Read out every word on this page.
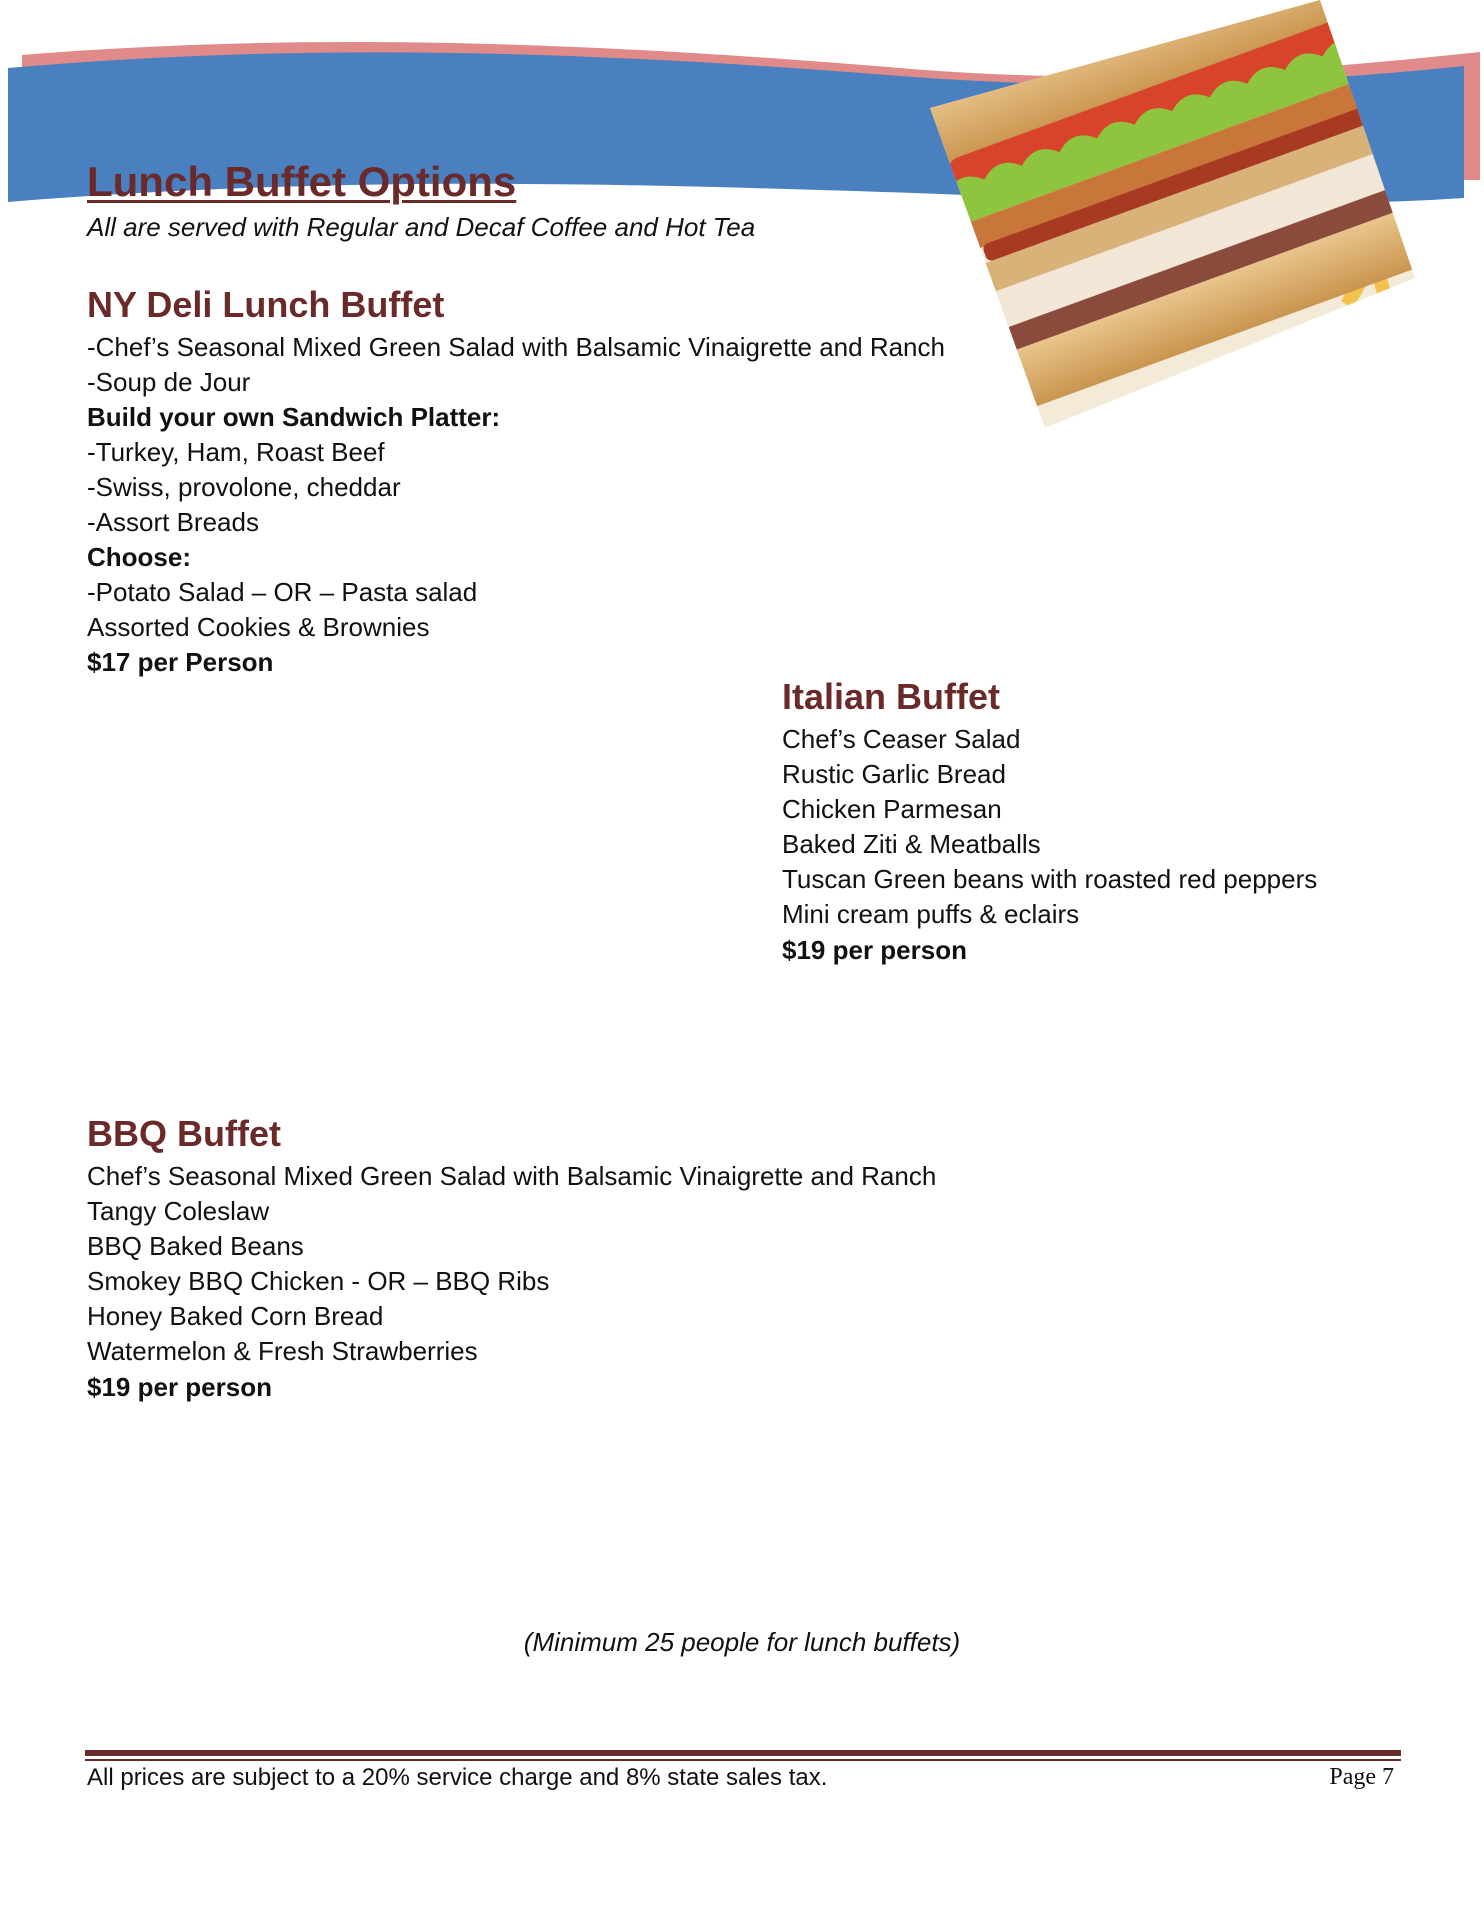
Lunch Buffet Options
All are served with Regular and Decaf Coffee and Hot Tea
NY Deli Lunch Buffet
-Chef’s Seasonal Mixed Green Salad with Balsamic Vinaigrette and Ranch
-Soup de Jour
Build your own Sandwich Platter:
-Turkey, Ham, Roast Beef
-Swiss, provolone, cheddar
-Assort Breads
Choose:
-Potato Salad – OR – Pasta salad
Assorted Cookies & Brownies
$17 per Person
Italian Buffet
Chef’s Ceaser Salad
Rustic Garlic Bread
Chicken Parmesan
Baked Ziti & Meatballs
Tuscan Green beans with roasted red peppers
Mini cream puffs & eclairs
$19 per person
BBQ Buffet
Chef’s Seasonal Mixed Green Salad with Balsamic Vinaigrette and Ranch
Tangy Coleslaw
BBQ Baked Beans
Smokey BBQ Chicken - OR – BBQ Ribs
Honey Baked Corn Bread
Watermelon & Fresh Strawberries
$19 per person
(Minimum 25 people for lunch buffets)
All prices are subject to a 20% service charge and 8% state sales tax.	Page 7
